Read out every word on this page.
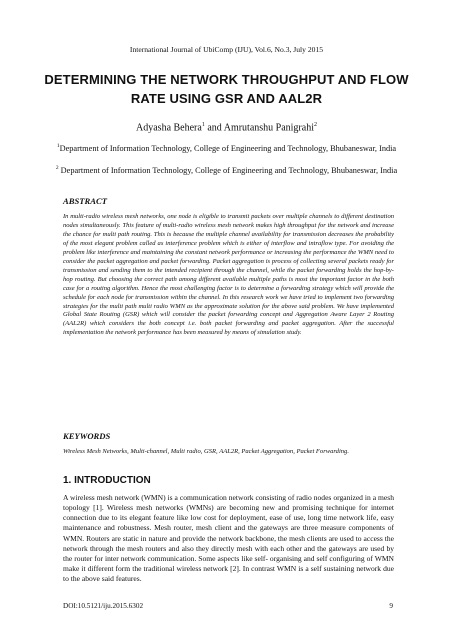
International Journal of UbiComp (IJU), Vol.6, No.3, July 2015
DETERMINING THE NETWORK THROUGHPUT AND FLOW RATE USING GSR AND AAL2R
Adyasha Behera$^1$ and Amrutanshu Panigrahi$^2$
$^1$Department of Information Technology, College of Engineering and Technology, Bhubaneswar, India
$^2$ Department of Information Technology, College of Engineering and Technology, Bhubaneswar, India
ABSTRACT
In multi-radio wireless mesh networks, one node is eligible to transmit packets over multiple channels to different destination nodes simultaneously. This feature of multi-radio wireless mesh network makes high throughput for the network and increase the chance for multi path routing. This is because the multiple channel availability for transmission decreases the probability of the most elegant problem called as interference problem which is either of interflow and intraflow type. For avoiding the problem like interference and maintaining the constant network performance or increasing the performance the WMN need to consider the packet aggregation and packet forwarding. Packet aggregation is process of collecting several packets ready for transmission and sending them to the intended recipient through the channel, while the packet forwarding holds the hop-by-hop routing. But choosing the correct path among different available multiple paths is most the important factor in the both case for a routing algorithm. Hence the most challenging factor is to determine a forwarding strategy which will provide the schedule for each node for transmission within the channel. In this research work we have tried to implement two forwarding strategies for the multi path multi radio WMN as the approximate solution for the above said problem. We have implemented Global State Routing (GSR) which will consider the packet forwarding concept and Aggregation Aware Layer 2 Routing (AAL2R) which considers the both concept i.e. both packet forwarding and packet aggregation. After the successful implementation the network performance has been measured by means of simulation study.
KEYWORDS
Wireless Mesh Networks, Multi-channel, Multi radio, GSR, AAL2R, Packet Aggregation, Packet Forwarding.
1. INTRODUCTION
A wireless mesh network (WMN) is a communication network consisting of radio nodes organized in a mesh topology [1]. Wireless mesh networks (WMNs) are becoming new and promising technique for internet connection due to its elegant feature like low cost for deployment, ease of use, long time network life, easy maintenance and robustness. Mesh router, mesh client and the gateways are three measure components of WMN. Routers are static in nature and provide the network backbone, the mesh clients are used to access the network through the mesh routers and also they directly mesh with each other and the gateways are used by the router for inter network communication. Some aspects like self- organising and self configuring of WMN make it different form the traditional wireless network [2]. In contrast WMN is a self sustaining network due to the above said features.
DOI:10.5121/iju.2015.6302	9
